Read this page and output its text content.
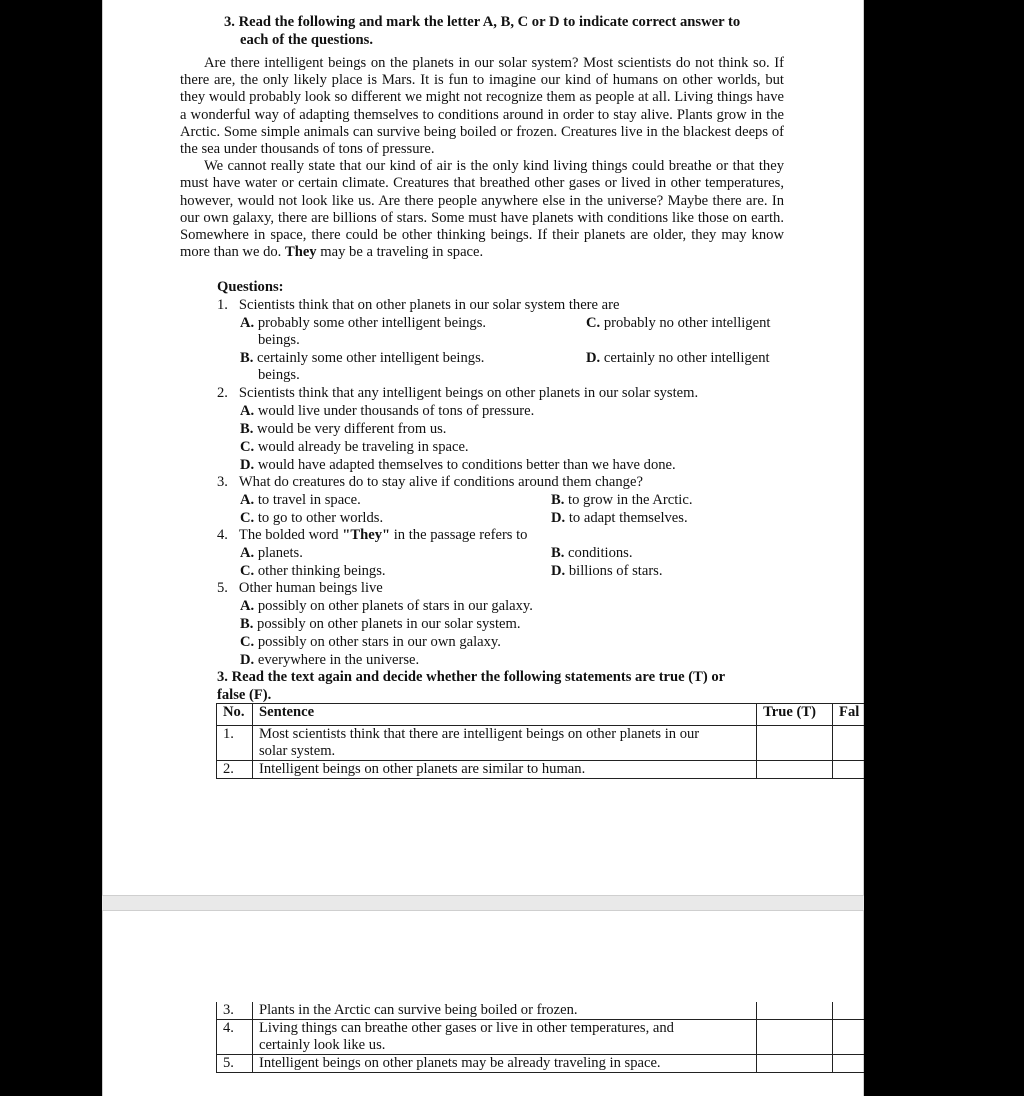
3. Read the following and mark the letter A, B, C or D to indicate correct answer to
each of the questions.

Are there intelligent beings on the planets in our solar system? Most scientists do not think so. If there are, the only likely place is Mars. It is fun to imagine our kind of humans on other worlds, but they would probably look so different we might not recognize them as people at all. Living things have a wonderful way of adapting themselves to conditions around in order to stay alive. Plants grow in the Arctic. Some simple animals can survive being boiled or frozen. Creatures live in the blackest deeps of the sea under thousands of tons of pressure.

We cannot really state that our kind of air is the only kind living things could breathe or that they must have water or certain climate. Creatures that breathed other gases or lived in other temperatures, however, would not look like us. Are there people anywhere else in the universe? Maybe there are. In our own galaxy, there are billions of stars. Some must have planets with conditions like those on earth. Somewhere in space, there could be other thinking beings. If their planets are older, they may know more than we do. They may be a traveling in space.

Questions:
1. Scientists think that on other planets in our solar system there are
A. probably some other intelligent beings.	C. probably no other intelligent
beings.
B. certainly some other intelligent beings.	D. certainly no other intelligent
beings.
2. Scientists think that any intelligent beings on other planets in our solar system.
A. would live under thousands of tons of pressure.
B. would be very different from us.
C. would already be traveling in space.
D. would have adapted themselves to conditions better than we have done.
3. What do creatures do to stay alive if conditions around them change?
A. to travel in space.	B. to grow in the Arctic.
C. to go to other worlds.	D. to adapt themselves.
4. The bolded word "They" in the passage refers to
A. planets.	B. conditions.
C. other thinking beings.	D. billions of stars.
5. Other human beings live
A. possibly on other planets of stars in our galaxy.
B. possibly on other planets in our solar system.
C. possibly on other stars in our own galaxy.
D. everywhere in the universe.
3. Read the text again and decide whether the following statements are true (T) or
false (F).
No.	Sentence	True (T)	Fal
1.	Most scientists think that there are intelligent beings on other planets in our
solar system.		
2.	Intelligent beings on other planets are similar to human.		
3.	Plants in the Arctic can survive being boiled or frozen.		
4.	Living things can breathe other gases or live in other temperatures, and
certainly look like us.		
5.	Intelligent beings on other planets may be already traveling in space.		
